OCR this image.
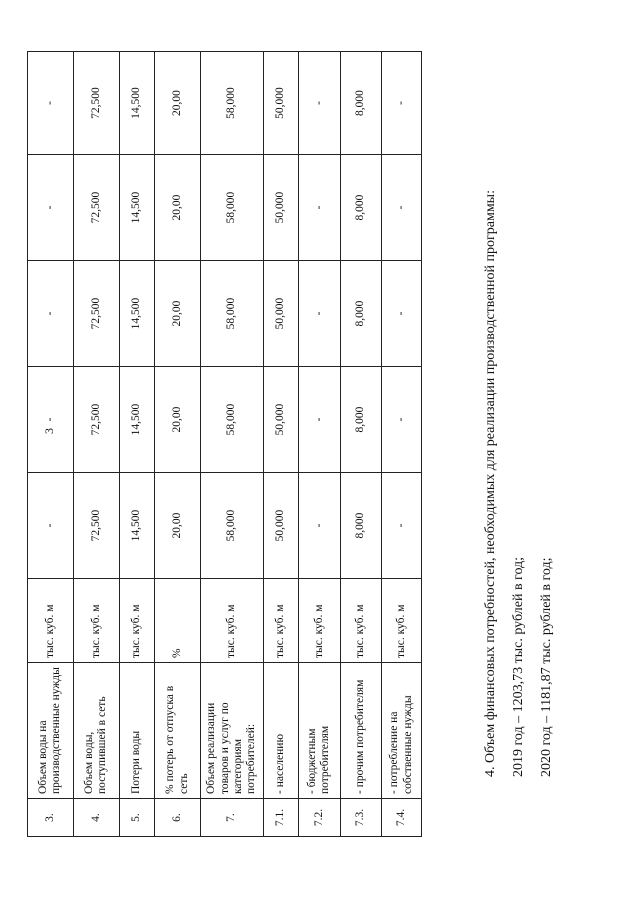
3
3.	Объем воды на производственные нужды	тыс. куб. м	-	-	-	-	-
4.	Объем воды, поступившей в сеть	тыс. куб. м	72,500	72,500	72,500	72,500	72,500
5.	Потери воды	тыс. куб. м	14,500	14,500	14,500	14,500	14,500
6.	% потерь от отпуска в сеть	%	20,00	20,00	20,00	20,00	20,00
7.	Объем реализации товаров и услуг по категориям потребителей:	тыс. куб. м	58,000	58,000	58,000	58,000	58,000
7.1.	- населению	тыс. куб. м	50,000	50,000	50,000	50,000	50,000
7.2.	- бюджетным потребителям	тыс. куб. м	-	-	-	-	-
7.3.	- прочим потребителям	тыс. куб. м	8,000	8,000	8,000	8,000	8,000
7.4.	- потребление на собственные нужды	тыс. куб. м	-	-	-	-	-
4. Объем финансовых потребностей, необходимых для реализации производственной программы: 2019 год – 1203,73 тыс. рублей в год; 2020 год – 1181,87 тыс. рублей в год;
